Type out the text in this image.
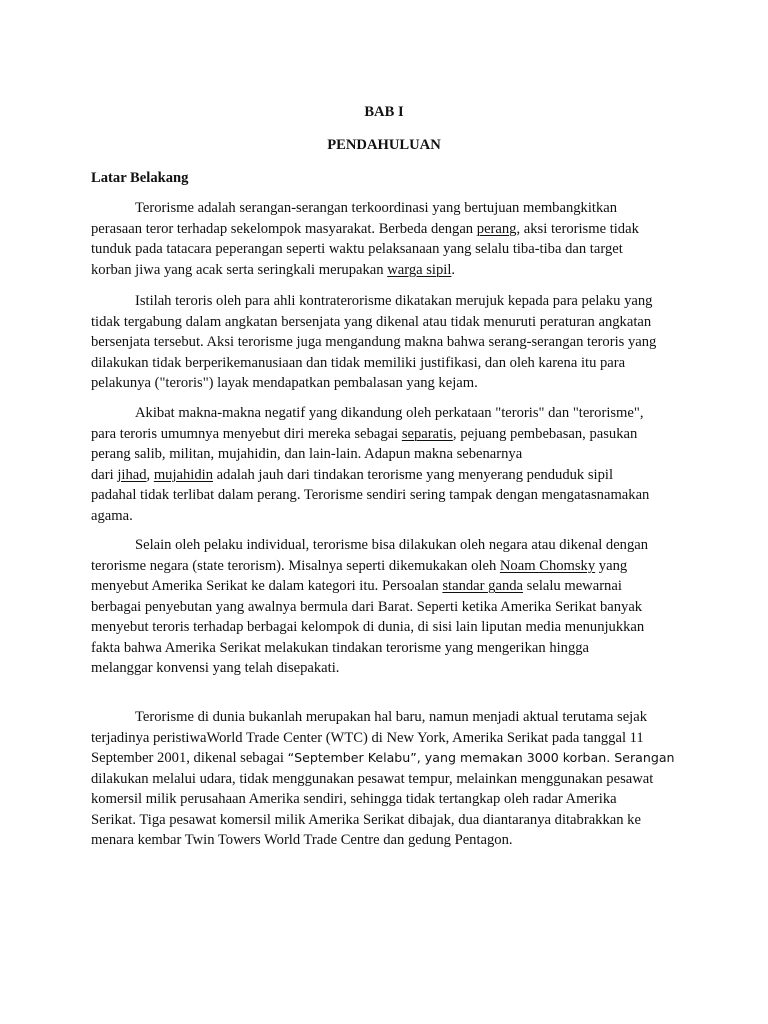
BAB I
PENDAHULUAN
Latar Belakang
Terorisme adalah serangan-serangan terkoordinasi yang bertujuan membangkitkan
perasaan teror terhadap sekelompok masyarakat. Berbeda dengan perang, aksi terorisme tidak
tunduk pada tatacara peperangan seperti waktu pelaksanaan yang selalu tiba-tiba dan target
korban jiwa yang acak serta seringkali merupakan warga sipil.
Istilah teroris oleh para ahli kontraterorisme dikatakan merujuk kepada para pelaku yang
tidak tergabung dalam angkatan bersenjata yang dikenal atau tidak menuruti peraturan angkatan
bersenjata tersebut. Aksi terorisme juga mengandung makna bahwa serang-serangan teroris yang
dilakukan tidak berperikemanusiaan dan tidak memiliki justifikasi, dan oleh karena itu para
pelakunya ("teroris") layak mendapatkan pembalasan yang kejam.
Akibat makna-makna negatif yang dikandung oleh perkataan "teroris" dan "terorisme",
para teroris umumnya menyebut diri mereka sebagai separatis, pejuang pembebasan, pasukan
perang salib, militan, mujahidin, dan lain-lain. Adapun makna sebenarnya
dari jihad, mujahidin adalah jauh dari tindakan terorisme yang menyerang penduduk sipil
padahal tidak terlibat dalam perang. Terorisme sendiri sering tampak dengan mengatasnamakan
agama.
Selain oleh pelaku individual, terorisme bisa dilakukan oleh negara atau dikenal dengan
terorisme negara (state terorism). Misalnya seperti dikemukakan oleh Noam Chomsky yang
menyebut Amerika Serikat ke dalam kategori itu. Persoalan standar ganda selalu mewarnai
berbagai penyebutan yang awalnya bermula dari Barat. Seperti ketika Amerika Serikat banyak
menyebut teroris terhadap berbagai kelompok di dunia, di sisi lain liputan media menunjukkan
fakta bahwa Amerika Serikat melakukan tindakan terorisme yang mengerikan hingga
melanggar konvensi yang telah disepakati.
Terorisme di dunia bukanlah merupakan hal baru, namun menjadi aktual terutama sejak
terjadinya peristiwaWorld Trade Center (WTC) di New York, Amerika Serikat pada tanggal 11
September 2001, dikenal sebagai “September Kelabu”, yang memakan 3000 korban. Serangan
dilakukan melalui udara, tidak menggunakan pesawat tempur, melainkan menggunakan pesawat
komersil milik perusahaan Amerika sendiri, sehingga tidak tertangkap oleh radar Amerika
Serikat. Tiga pesawat komersil milik Amerika Serikat dibajak, dua diantaranya ditabrakkan ke
menara kembar Twin Towers World Trade Centre dan gedung Pentagon.
